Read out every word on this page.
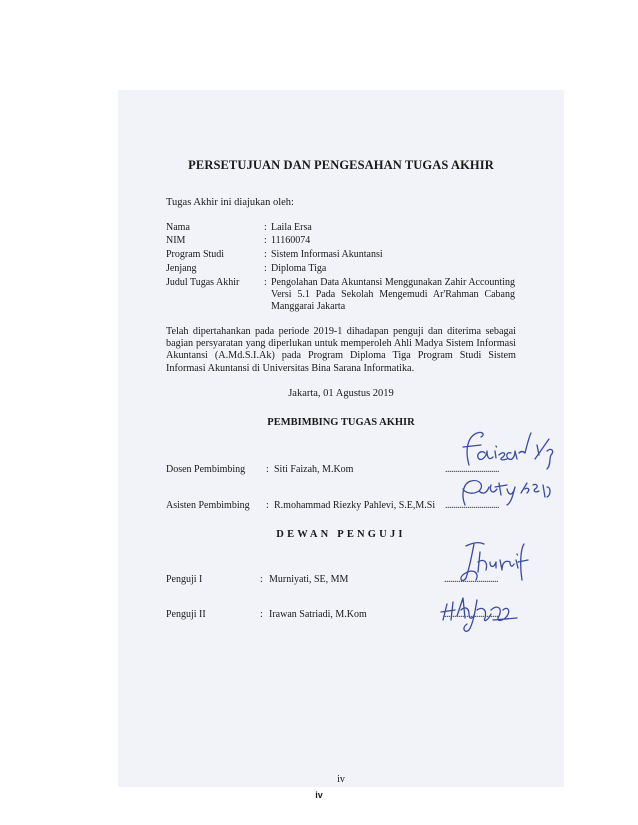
PERSETUJUAN DAN PENGESAHAN TUGAS AKHIR
Tugas Akhir ini diajukan oleh:
Nama	: Laila Ersa
NIM	: 11160074
Program Studi	: Sistem Informasi Akuntansi
Jenjang	: Diploma Tiga
Judul Tugas Akhir : Pengolahan Data Akuntansi Menggunakan Zahir Accounting Versi 5.1 Pada Sekolah Mengemudi Ar'Rahman Cabang Manggarai Jakarta
Telah dipertahankan pada periode 2019-1 dihadapan penguji dan diterima sebagai bagian persyaratan yang diperlukan untuk memperoleh Ahli Madya Sistem Informasi Akuntansi (A.Md.S.I.Ak) pada Program Diploma Tiga Program Studi Sistem Informasi Akuntansi di Universitas Bina Sarana Informatika.
Jakarta, 01 Agustus 2019
PEMBIMBING TUGAS AKHIR
Dosen Pembimbing : Siti Faizah, M.Kom	...........................
Asisten Pembimbing : R.mohammad Riezky Pahlevi, S.E,M.Si ...........................
DEWAN PENGUJI
Penguji I	: Murniyati, SE, MM	...........................
Penguji II	: Irawan Satriadi, M.Kom	...........................
iv
iv
